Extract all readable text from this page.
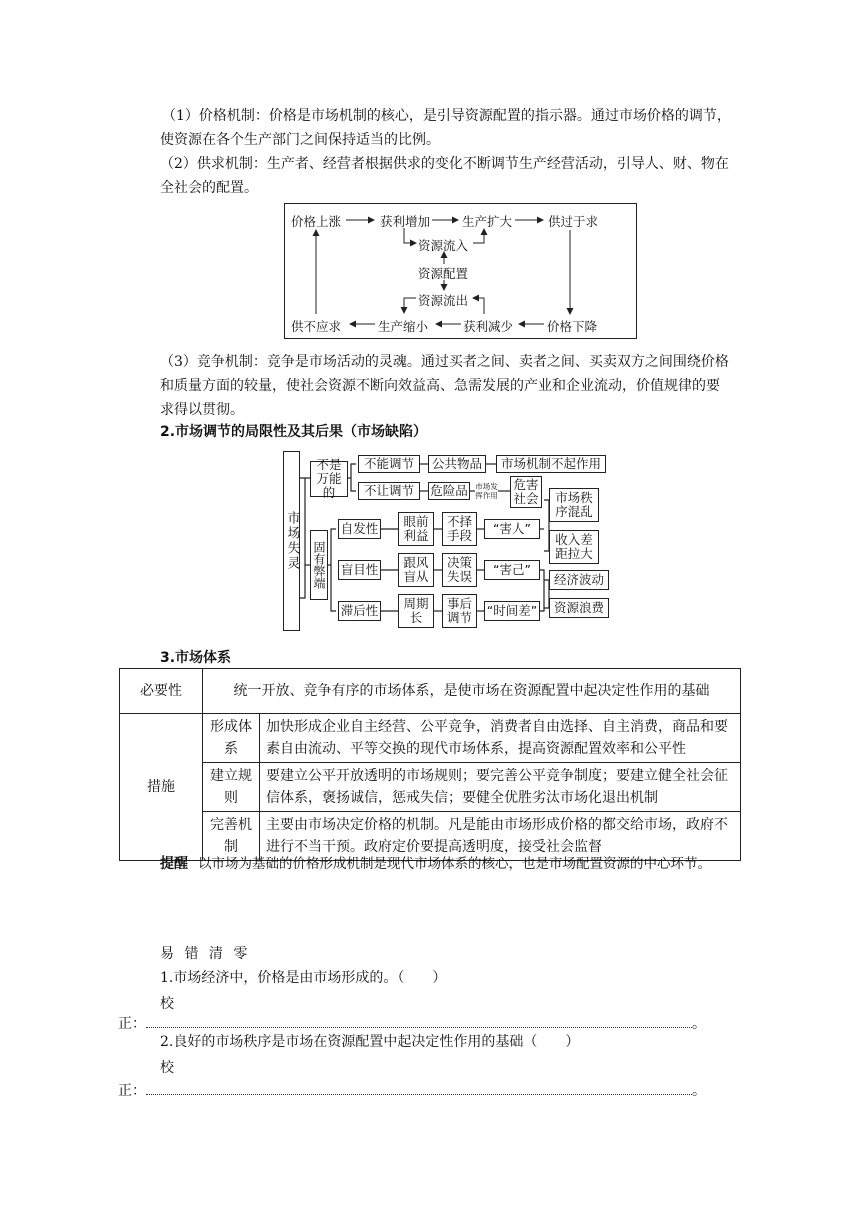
（1）价格机制：价格是市场机制的核心，是引导资源配置的指示器。通过市场价格的调节，使资源在各个生产部门之间保持适当的比例。
（2）供求机制：生产者、经营者根据供求的变化不断调节生产经营活动，引导人、财、物在全社会的配置。
价格上涨	获利增加	生产扩大	供过于求
资源流入
资源配置
资源流出
供不应求	生产缩小	获利减少	价格下降
（3）竞争机制：竞争是市场活动的灵魂。通过买者之间、卖者之间、买卖双方之间围绕价格和质量方面的较量，使社会资源不断向效益高、急需发展的产业和企业流动，价值规律的要求得以贯彻。
2.市场调节的局限性及其后果（市场缺陷）
市场失灵
不是万能的
固有弊端
不能调节	公共物品	市场机制不起作用
不让调节	危险品	市场发挥作用
危害社会
自发性	眼前利益
不择手段	“害人”
盲目性	跟风盲从
决策失误	“害己”
滞后性	周期长
事后调节	“时间差”
市场秩序混乱
收入差距拉大
经济波动
资源浪费
3.市场体系
必要性	统一开放、竞争有序的市场体系，是使市场在资源配置中起决定性作用的基础	
措施	形成体系	加快形成企业自主经营、公平竞争，消费者自由选择、自主消费，商品和要素自由流动、平等交换的现代市场体系，提高资源配置效率和公平性
	建立规则	要建立公平开放透明的市场规则；要完善公平竞争制度；要建立健全社会征信体系，褒扬诚信，惩戒失信；要健全优胜劣汰市场化退出机制
	完善机制	主要由市场决定价格的机制。凡是能由市场形成价格的都交给市场，政府不进行不当干预。政府定价要提高透明度，接受社会监督
提醒 以市场为基础的价格形成机制是现代市场体系的核心，也是市场配置资源的中心环节。
易 错 清 零
1.市场经济中，价格是由市场形成的。（　　）
校
正：	。
2.良好的市场秩序是市场在资源配置中起决定性作用的基础（　　）
校
正：	。
